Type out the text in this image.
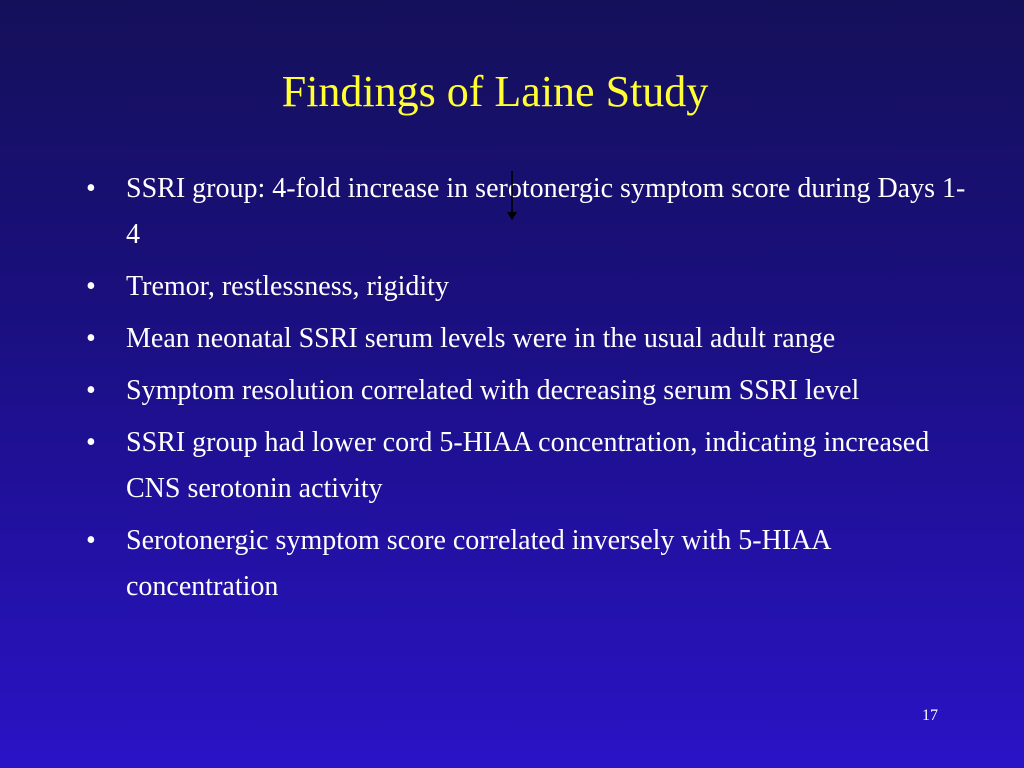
Findings of Laine Study
• SSRI group: 4-fold increase in serotonergic symptom score during Days 1-4
• Tremor, restlessness, rigidity
• Mean neonatal SSRI serum levels were in the usual adult range
• Symptom resolution correlated with decreasing serum SSRI level
• SSRI group had lower cord 5-HIAA concentration, indicating increased CNS serotonin activity
• Serotonergic symptom score correlated inversely with 5-HIAA concentration
17
